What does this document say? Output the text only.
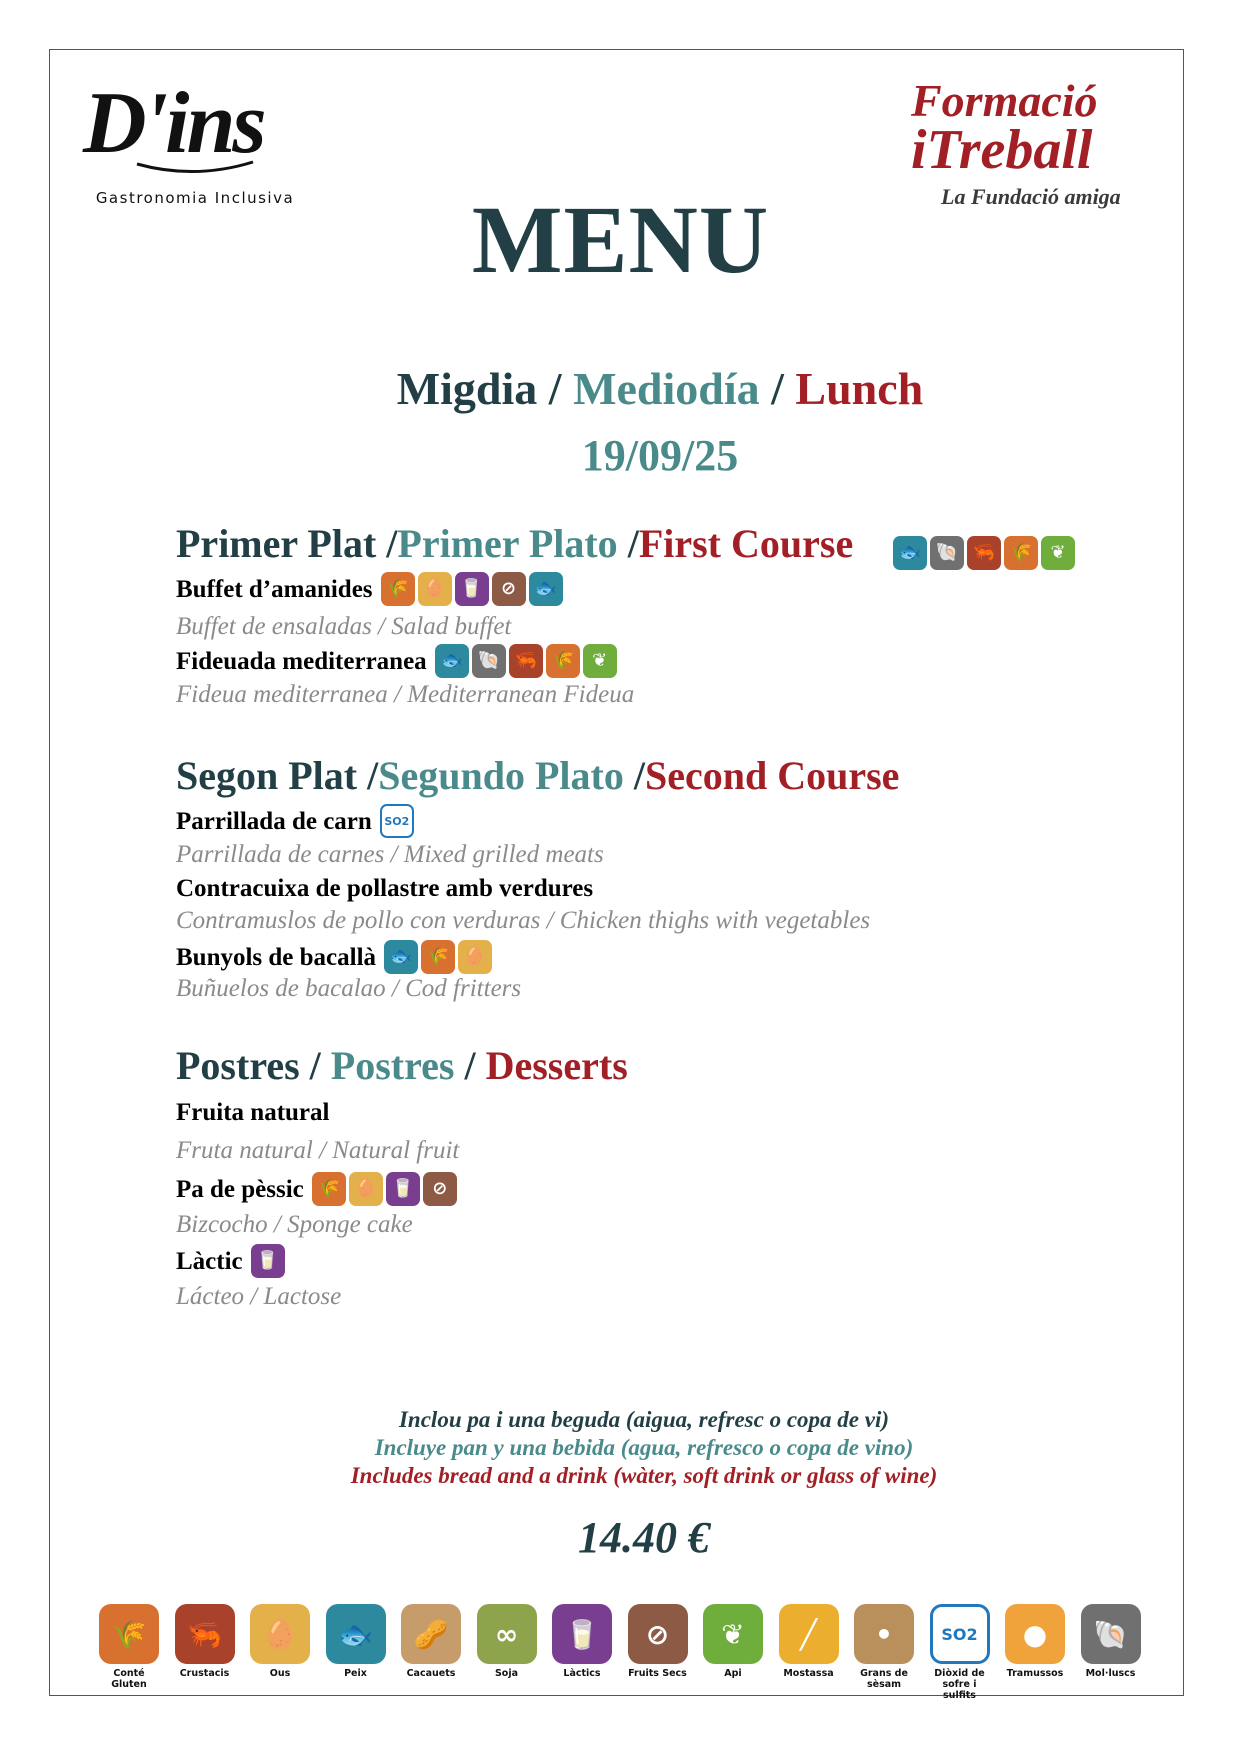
D'ins
Gastronomia Inclusiva
Formació
iTreball
La Fundació amiga
MENU
Migdia / Mediodía / Lunch
19/09/25
Primer Plat /Primer Plato /First Course	🐟 🐚 🦐 🌾	❦
Buffet d’amanides 🌾 🥚 🥛	⊘	🐟
Buffet de ensaladas / Salad buffet
Fideuada mediterranea 🐟 🐚 🦐 🌾	❦
Fideua mediterranea / Mediterranean Fideua
Segon Plat /Segundo Plato /Second Course
Parrillada de carn	SO2
Parrillada de carnes / Mixed grilled meats
Contracuixa de pollastre amb verdures
Contramuslos de pollo con verduras / Chicken thighs with vegetables
Bunyols de bacallà 🐟 🌾 🥚
Buñuelos de bacalao / Cod fritters
Postres / Postres / Desserts
Fruita natural
Fruta natural / Natural fruit
Pa de pèssic 🌾 🥚 🥛	⊘
Bizcocho / Sponge cake
Làctic 🥛
Lácteo / Lactose
Inclou pa i una beguda (aigua, refresc o copa de vi)
Incluye pan y una bebida (agua, refresco o copa de vino)
Includes bread and a drink (wàter, soft drink or glass of wine)
14.40 €
🌾
Conté Gluten
🦐
Crustacis
🥚
Ous
🐟
Peix
🥜
Cacauets
∞
Soja
🥛
Làctics
⊘
Fruits Secs
❦
Api
╱
Mostassa
•
Grans de sèsam
SO2
Diòxid de sofre i sulfits
●
Tramussos
🐚
Mol·luscs
